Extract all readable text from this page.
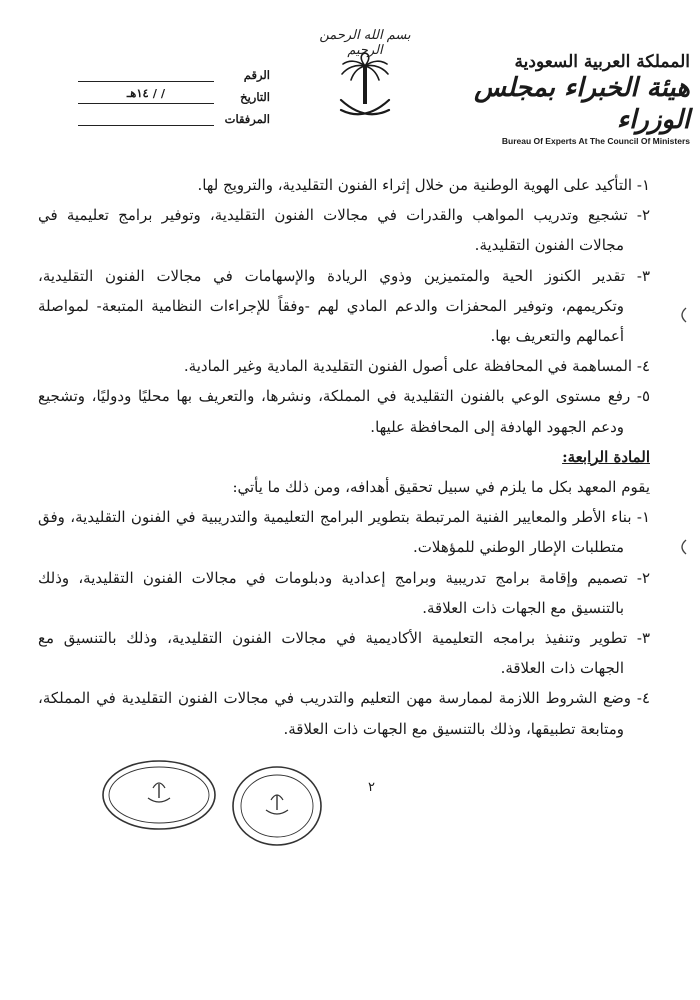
بسم الله الرحمن الرحيم
المملكة العربية السعودية
هيئة الخبراء بمجلس الوزراء
Bureau Of Experts At The Council Of Ministers
الرقم
التاريخ
/ / ١٤هـ
المرفقات
١- التأكيد على الهوية الوطنية من خلال إثراء الفنون التقليدية، والترويج لها.
٢- تشجيع وتدريب المواهب والقدرات في مجالات الفنون التقليدية، وتوفير برامج تعليمية في
مجالات الفنون التقليدية.
٣- تقدير الكنوز الحية والمتميزين وذوي الريادة والإسهامات في مجالات الفنون التقليدية،
وتكريمهم، وتوفير المحفزات والدعم المادي لهم -وفقاً للإجراءات النظامية المتبعة- لمواصلة
أعمالهم والتعريف بها.
٤- المساهمة في المحافظة على أصول الفنون التقليدية المادية وغير المادية.
٥- رفع مستوى الوعي بالفنون التقليدية في المملكة، ونشرها، والتعريف بها محليًا ودوليًا، وتشجيع
ودعم الجهود الهادفة إلى المحافظة عليها.
المادة الرابعة:
يقوم المعهد بكل ما يلزم في سبيل تحقيق أهدافه، ومن ذلك ما يأتي:
١- بناء الأطر والمعايير الفنية المرتبطة بتطوير البرامج التعليمية والتدريبية في الفنون التقليدية، وفق
متطلبات الإطار الوطني للمؤهلات.
٢- تصميم وإقامة برامج تدريبية وبرامج إعدادية ودبلومات في مجالات الفنون التقليدية، وذلك
بالتنسيق مع الجهات ذات العلاقة.
٣- تطوير وتنفيذ برامجه التعليمية الأكاديمية في مجالات الفنون التقليدية، وذلك بالتنسيق مع
الجهات ذات العلاقة.
٤- وضع الشروط اللازمة لممارسة مهن التعليم والتدريب في مجالات الفنون التقليدية في المملكة،
ومتابعة تطبيقها، وذلك بالتنسيق مع الجهات ذات العلاقة.
٢
